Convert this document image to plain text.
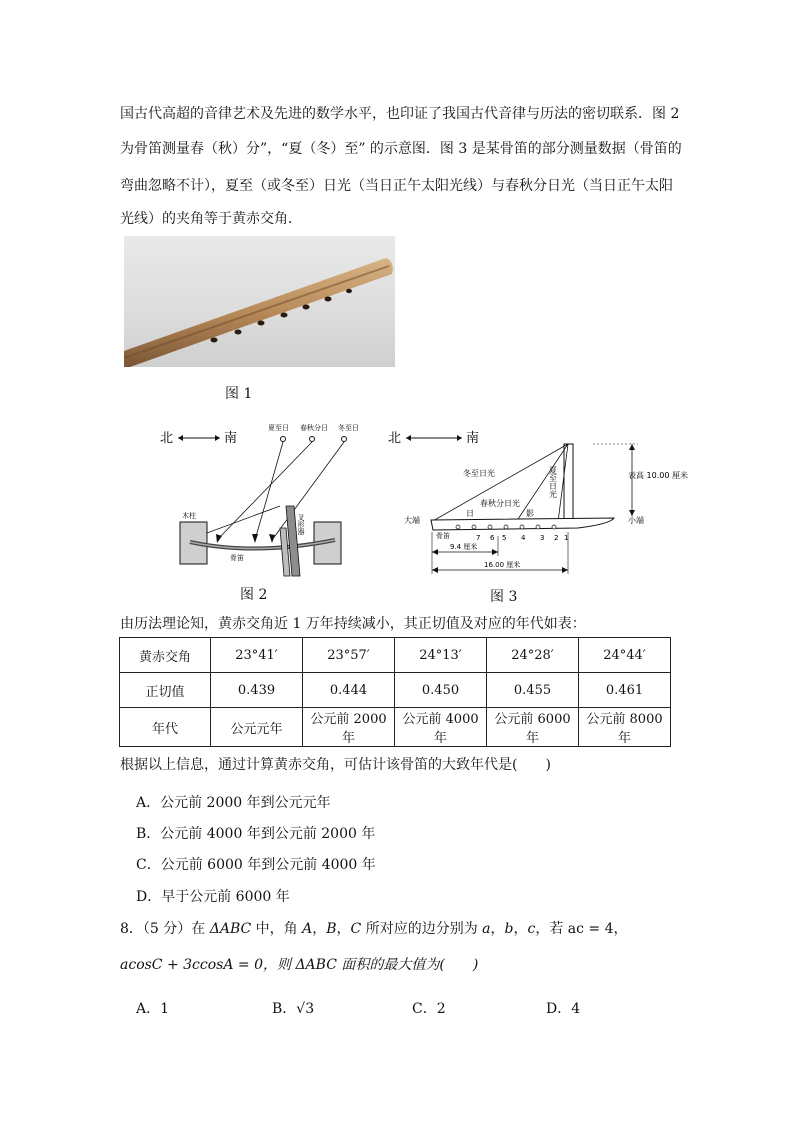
国古代高超的音律艺术及先进的数学水平，也印证了我国古代音律与历法的密切联系．图 2
为骨笛测量春（秋）分”，“夏（冬）至” 的示意图．图 3 是某骨笛的部分测量数据（骨笛的
弯曲忽略不计），夏至（或冬至）日光（当日正午太阳光线）与春秋分日光（当日正午太阳
光线）的夹角等于黄赤交角．
图 1
北	南
夏至日 春秋分日 冬至日
木柱
骨笛
叉形器
图 2
北	南
冬至日光
春秋分日光
夏至日光
日	影
大端	小端
骨笛	7 6 5 4 3 2 1
表高 10.00 厘米
9.4 厘米
16.00 厘米
图 3
由历法理论知，黄赤交角近 1 万年持续减小，其正切值及对应的年代如表：
黄赤交角	23°41′	23°57′	24°13′	24°28′	24°44′
正切值	0.439	0.444	0.450	0.455	0.461
年代	公元元年	公元前 2000 年	公元前 4000 年	公元前 6000 年	公元前 8000 年
根据以上信息，通过计算黄赤交角，可估计该骨笛的大致年代是(　　)
A．公元前 2000 年到公元元年
B．公元前 4000 年到公元前 2000 年
C．公元前 6000 年到公元前 4000 年
D．早于公元前 6000 年
8．（5 分）在 ΔABC 中，角 A，B，C 所对应的边分别为 a，b，c，若 ac = 4，
acosC + 3ccosA = 0，则 ΔABC 面积的最大值为(　　)
A．1	B．√3	C．2	D．4
